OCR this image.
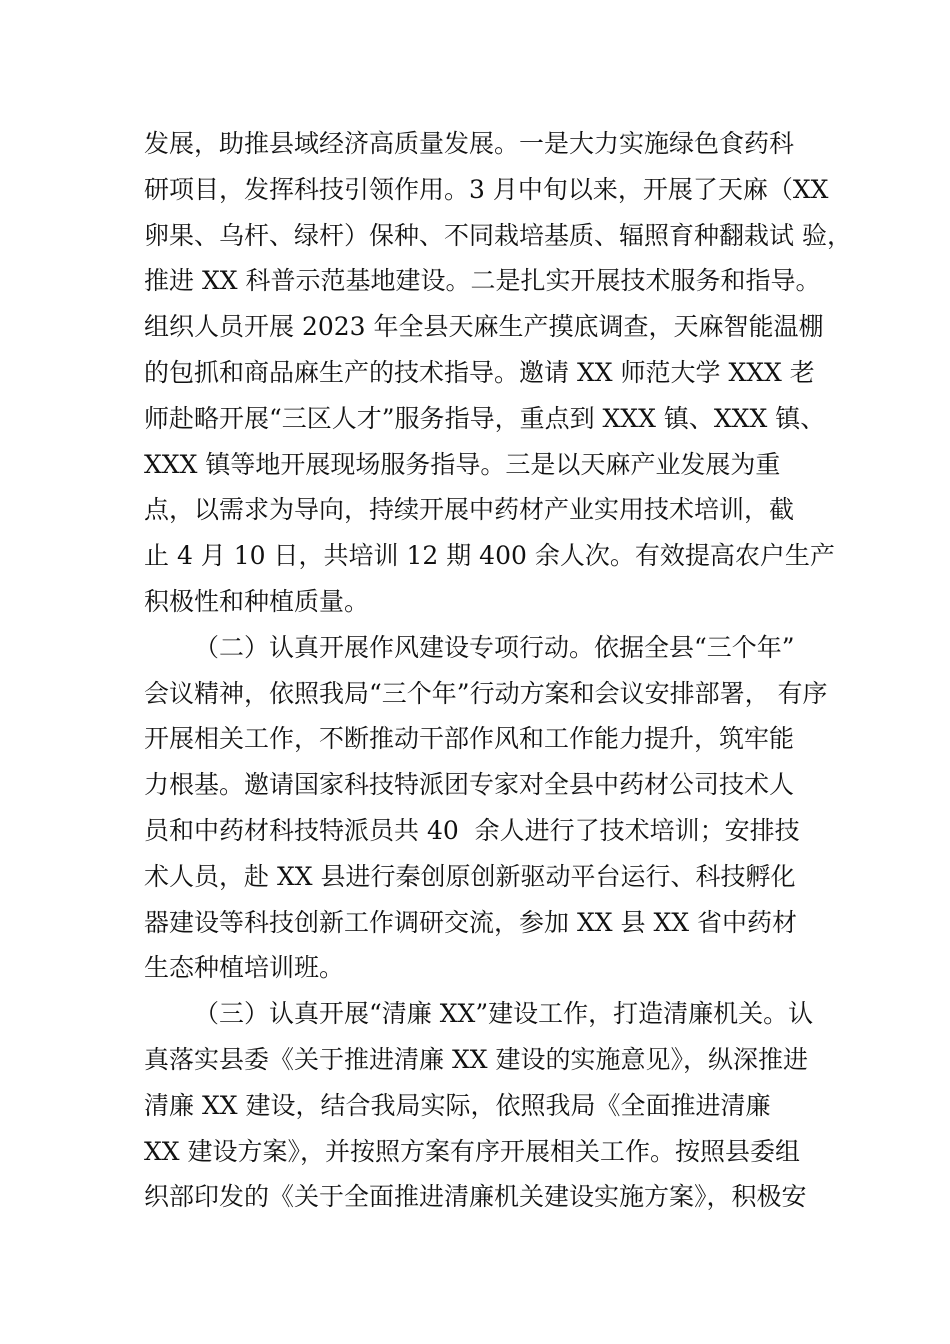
发展，助推县域经济高质量发展。一是大力实施绿色食药科
研项目，发挥科技引领作用。3 月中旬以来，开展了天麻（XX
卵果、乌杆、绿杆）保种、不同栽培基质、辐照育种翻栽试 验，
推进 XX 科普示范基地建设。二是扎实开展技术服务和指导。
组织人员开展 2023 年全县天麻生产摸底调查，天麻智能温棚
的包抓和商品麻生产的技术指导。邀请 XX 师范大学 XXX 老
师赴略开展“三区人才”服务指导，重点到 XXX 镇、XXX 镇、
XXX 镇等地开展现场服务指导。三是以天麻产业发展为重
点，以需求为导向，持续开展中药材产业实用技术培训，截
止 4 月 10 日，共培训 12 期 400 余人次。有效提高农户生产
积极性和种植质量。
（二）认真开展作风建设专项行动。依据全县“三个年”
会议精神，依照我局“三个年”行动方案和会议安排部署， 有序
开展相关工作，不断推动干部作风和工作能力提升，筑牢能
力根基。邀请国家科技特派团专家对全县中药材公司技术人
员和中药材科技特派员共 40  余人进行了技术培训；安排技
术人员，赴 XX 县进行秦创原创新驱动平台运行、科技孵化
器建设等科技创新工作调研交流，参加 XX 县 XX 省中药材
生态种植培训班。
（三）认真开展“清廉 XX”建设工作，打造清廉机关。认
真落实县委《关于推进清廉 XX 建设的实施意见》，纵深推进
清廉 XX 建设，结合我局实际，依照我局《全面推进清廉
XX 建设方案》，并按照方案有序开展相关工作。按照县委组
织部印发的《关于全面推进清廉机关建设实施方案》，积极安
